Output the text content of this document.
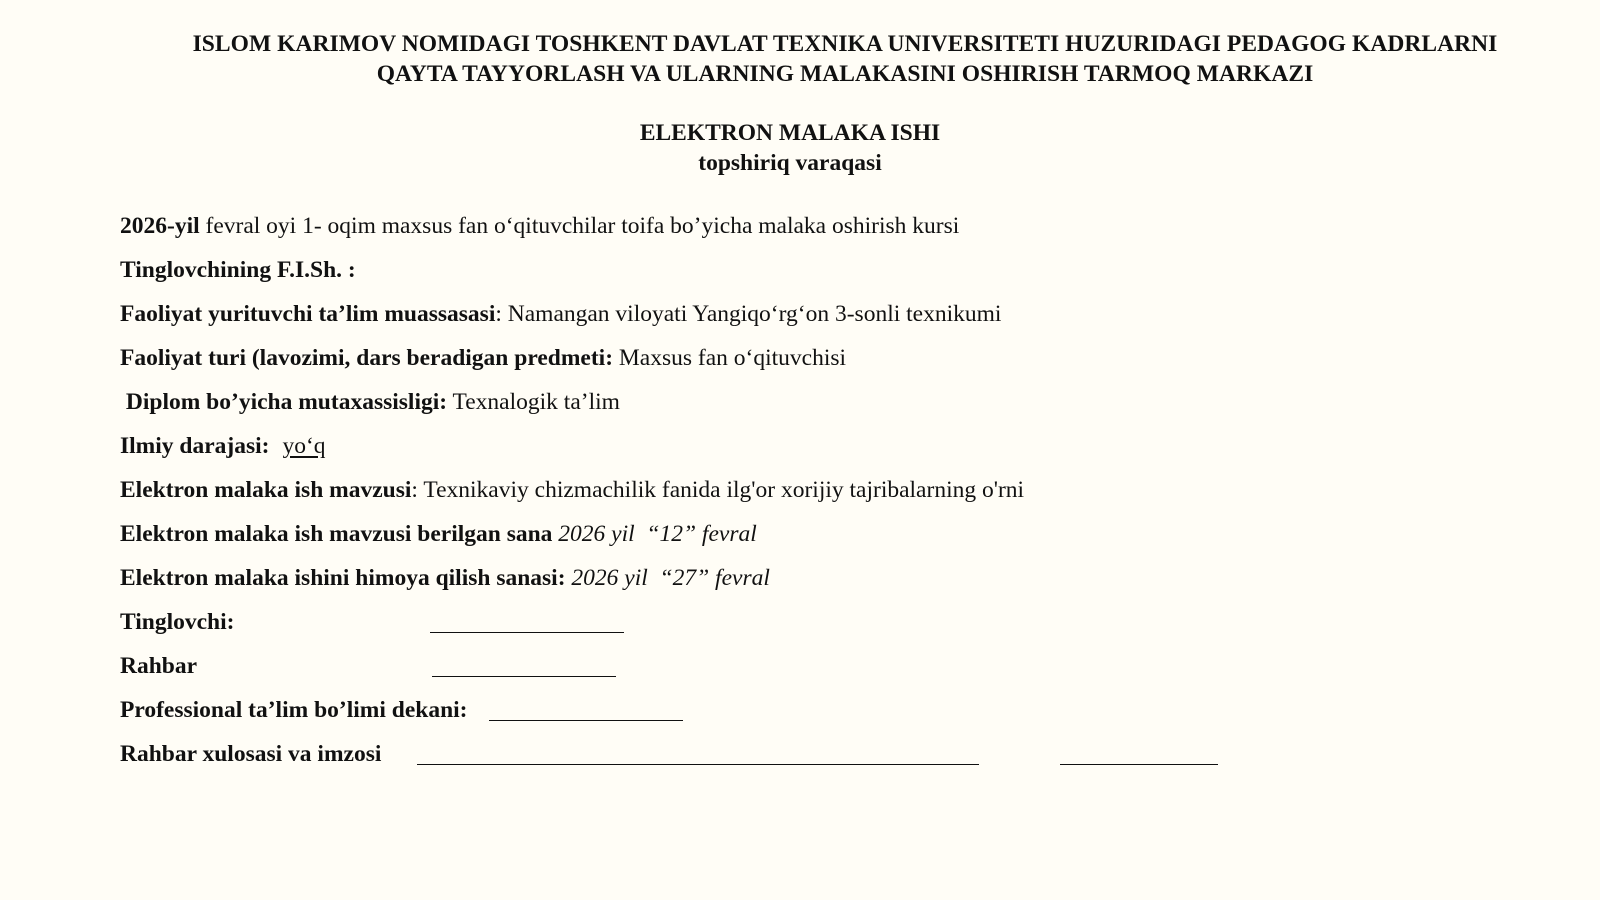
ISLOM KARIMOV NOMIDAGI TOSHKENT DAVLAT TEXNIKA UNIVERSITETI HUZURIDAGI PEDAGOG KADRLARNI
QAYTA TAYYORLASH VA ULARNING MALAKASINI OSHIRISH TARMOQ MARKAZI
ELEKTRON MALAKA ISHI
topshiriq varaqasi
2026-yil fevral oyi 1- oqim maxsus fan o‘qituvchilar toifa bo’yicha malaka oshirish kursi
Tinglovchining F.I.Sh. :
Faoliyat yurituvchi ta’lim muassasasi: Namangan viloyati Yangiqo‘rg‘on 3-sonli texnikumi
Faoliyat turi (lavozimi, dars beradigan predmeti: Maxsus fan o‘qituvchisi
Diplom bo’yicha mutaxassisligi: Texnalogik ta’lim
Ilmiy darajasi: yo‘q
Elektron malaka ish mavzusi: Texnikaviy chizmachilik fanida ilg'or xorijiy tajribalarning o'rni
Elektron malaka ish mavzusi berilgan sana 2026 yil  “12” fevral
Elektron malaka ishini himoya qilish sanasi: 2026 yil  “27” fevral
Tinglovchi:
Rahbar
Professional ta’lim bo’limi dekani:
Rahbar xulosasi va imzosi
